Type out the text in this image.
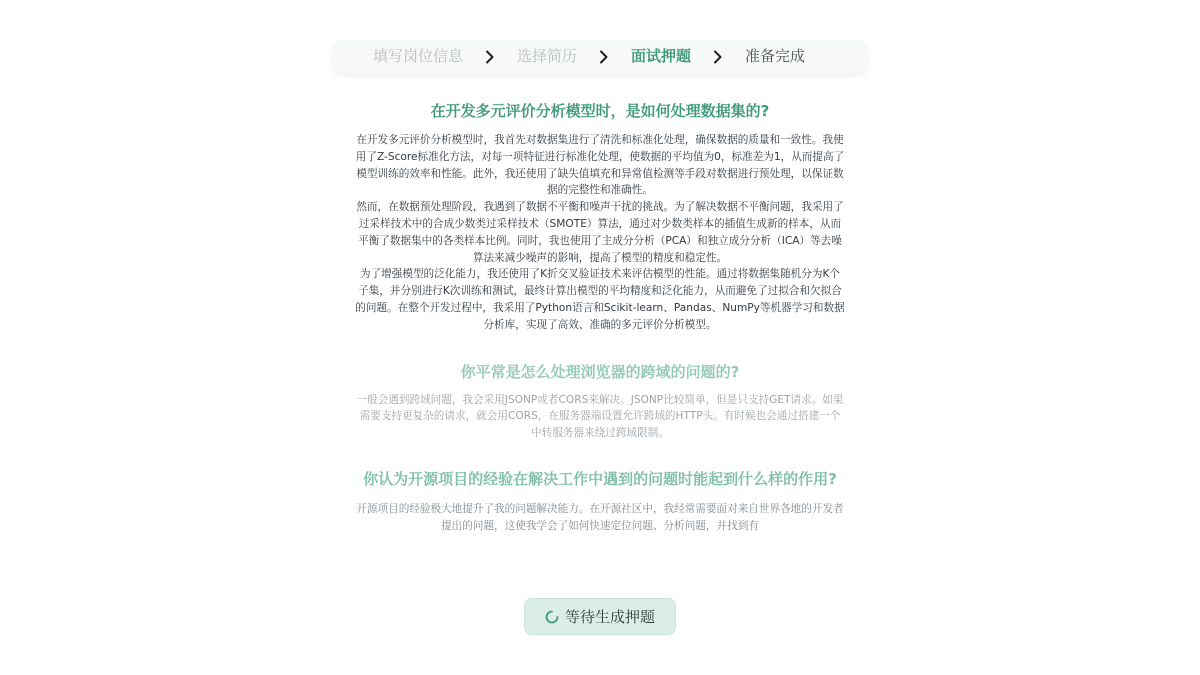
填写岗位信息	选择简历	面试押题	准备完成

在开发多元评价分析模型时，是如何处理数据集的?

在开发多元评价分析模型时，我首先对数据集进行了清洗和标准化处理，确保数据的质量和一致性。我使用了Z-Score标准化方法，对每一项特征进行标准化处理，使数据的平均值为0，标准差为1，从而提高了模型训练的效率和性能。此外，我还使用了缺失值填充和异常值检测等手段对数据进行预处理，以保证数据的完整性和准确性。

然而，在数据预处理阶段，我遇到了数据不平衡和噪声干扰的挑战。为了解决数据不平衡问题，我采用了过采样技术中的合成少数类过采样技术（SMOTE）算法，通过对少数类样本的插值生成新的样本，从而平衡了数据集中的各类样本比例。同时，我也使用了主成分分析（PCA）和独立成分分析（ICA）等去噪算法来减少噪声的影响，提高了模型的精度和稳定性。

为了增强模型的泛化能力，我还使用了K折交叉验证技术来评估模型的性能。通过将数据集随机分为K个子集，并分别进行K次训练和测试，最终计算出模型的平均精度和泛化能力，从而避免了过拟合和欠拟合的问题。在整个开发过程中，我采用了Python语言和Scikit-learn、Pandas、NumPy等机器学习和数据分析库，实现了高效、准确的多元评价分析模型。

你平常是怎么处理浏览器的跨域的问题的?

一般会遇到跨域问题，我会采用JSONP或者CORS来解决。JSONP比较简单，但是只支持GET请求。如果需要支持更复杂的请求，就会用CORS，在服务器端设置允许跨域的HTTP头。有时候也会通过搭建一个中转服务器来绕过跨域限制。

你认为开源项目的经验在解决工作中遇到的问题时能起到什么样的作用?

开源项目的经验极大地提升了我的问题解决能力。在开源社区中，我经常需要面对来自世界各地的开发者提出的问题，这使我学会了如何快速定位问题、分析问题，并找到有

等待生成押题
